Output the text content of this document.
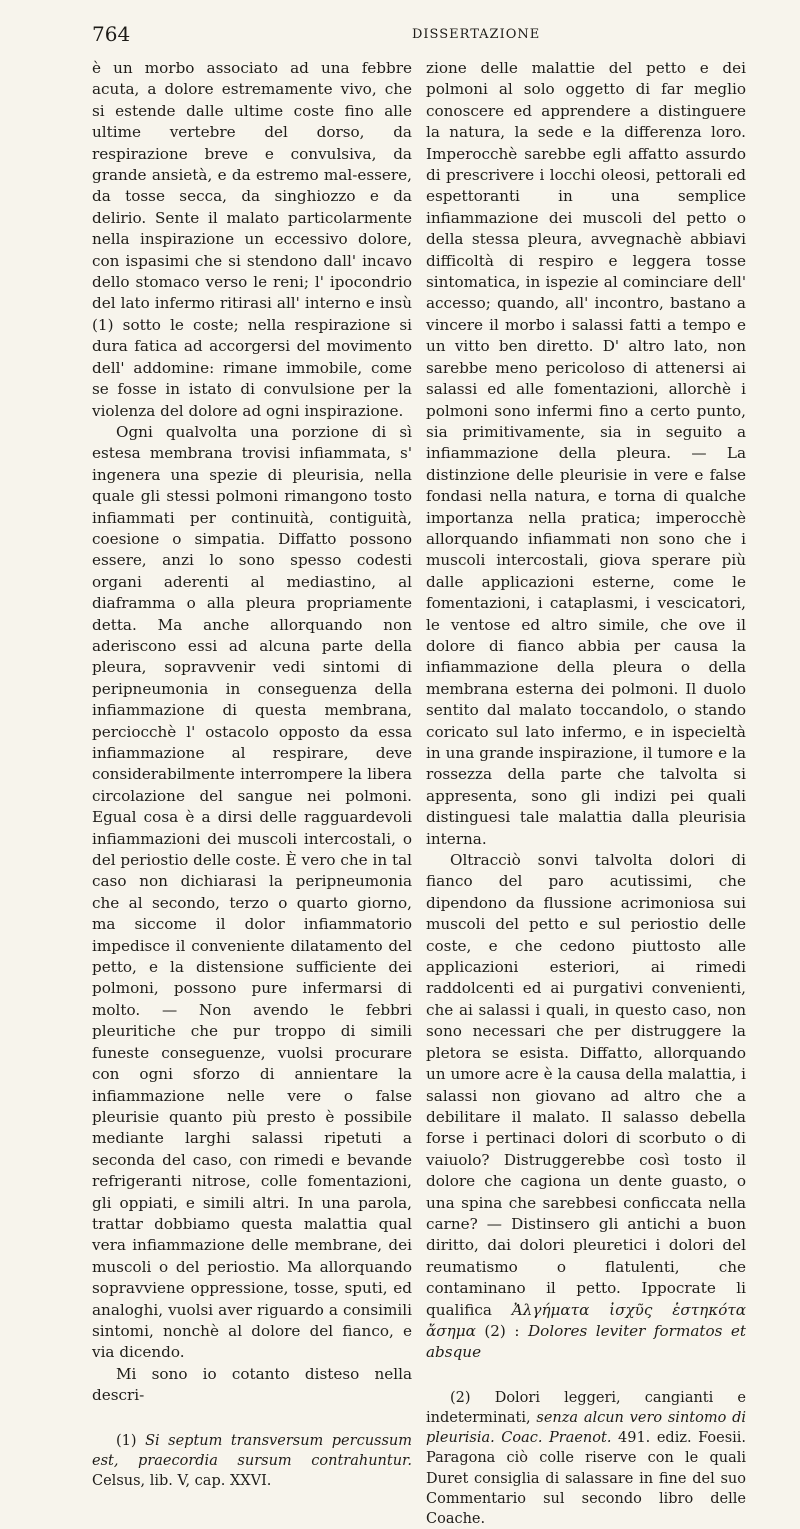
764	DISSERTAZIONE

è un morbo associato ad una febbre acuta, a dolore estremamente vivo, che si estende dalle ultime coste fino alle ultime vertebre del dorso, da respirazione breve e convulsiva, da grande ansietà, e da estremo mal-essere, da tosse secca, da singhiozzo e da delirio. Sente il malato particolarmente nella inspirazione un eccessivo dolore, con ispasimi che si stendono dall' incavo dello stomaco verso le reni; l' ipocondrio del lato infermo ritirasi all' interno e insù (1) sotto le coste; nella respirazione si dura fatica ad accorgersi del movimento dell' addomine: rimane immobile, come se fosse in istato di convulsione per la violenza del dolore ad ogni inspirazione.

Ogni qualvolta una porzione di sì estesa membrana trovisi infiammata, s' ingenera una spezie di pleurisia, nella quale gli stessi polmoni rimangono tosto infiammati per continuità, contiguità, coesione o simpatia. Diffatto possono essere, anzi lo sono spesso codesti organi aderenti al mediastino, al diaframma o alla pleura propriamente detta. Ma anche allorquando non aderiscono essi ad alcuna parte della pleura, sopravvenir vedi sintomi di peripneumonia in conseguenza della infiammazione di questa membrana, perciocchè l' ostacolo opposto da essa infiammazione al respirare, deve considerabilmente interrompere la libera circolazione del sangue nei polmoni. Egual cosa è a dirsi delle ragguardevoli infiammazioni dei muscoli intercostali, o del periostio delle coste. È vero che in tal caso non dichiarasi la peripneumonia che al secondo, terzo o quarto giorno, ma siccome il dolor infiammatorio impedisce il conveniente dilatamento del petto, e la distensione sufficiente dei polmoni, possono pure infermarsi di molto. — Non avendo le febbri pleuritiche che pur troppo di simili funeste conseguenze, vuolsi procurare con ogni sforzo di annientare la infiammazione nelle vere o false pleurisie quanto più presto è possibile mediante larghi salassi ripetuti a seconda del caso, con rimedi e bevande refrigeranti nitrose, colle fomentazioni, gli oppiati, e simili altri. In una parola, trattar dobbiamo questa malattia qual vera infiammazione delle membrane, dei muscoli o del periostio. Ma allorquando sopravviene oppressione, tosse, sputi, ed analoghi, vuolsi aver riguardo a consimili sintomi, nonchè al dolore del fianco, e via dicendo.

Mi sono io cotanto disteso nella descri-

(1) Si septum transversum percussum est, praecordia sursum contrahuntur. Celsus, lib. V, cap. XXVI.

zione delle malattie del petto e dei polmoni al solo oggetto di far meglio conoscere ed apprendere a distinguere la natura, la sede e la differenza loro. Imperocchè sarebbe egli affatto assurdo di prescrivere i locchi oleosi, pettorali ed espettoranti in una semplice infiammazione dei muscoli del petto o della stessa pleura, avvegnachè abbiavi difficoltà di respiro e leggera tosse sintomatica, in ispezie al cominciare dell' accesso; quando, all' incontro, bastano a vincere il morbo i salassi fatti a tempo e un vitto ben diretto. D' altro lato, non sarebbe meno pericoloso di attenersi ai salassi ed alle fomentazioni, allorchè i polmoni sono infermi fino a certo punto, sia primitivamente, sia in seguito a infiammazione della pleura. — La distinzione delle pleurisie in vere e false fondasi nella natura, e torna di qualche importanza nella pratica; imperocchè allorquando infiammati non sono che i muscoli intercostali, giova sperare più dalle applicazioni esterne, come le fomentazioni, i cataplasmi, i vescicatori, le ventose ed altro simile, che ove il dolore di fianco abbia per causa la infiammazione della pleura o della membrana esterna dei polmoni. Il duolo sentito dal malato toccandolo, o stando coricato sul lato infermo, e in ispecieltà in una grande inspirazione, il tumore e la rossezza della parte che talvolta si appresenta, sono gli indizi pei quali distinguesi tale malattia dalla pleurisia interna.

Oltracciò sonvi talvolta dolori di fianco del paro acutissimi, che dipendono da flussione acrimoniosa sui muscoli del petto e sul periostio delle coste, e che cedono piuttosto alle applicazioni esteriori, ai rimedi raddolcenti ed ai purgativi convenienti, che ai salassi i quali, in questo caso, non sono necessari che per distruggere la pletora se esista. Diffatto, allorquando un umore acre è la causa della malattia, i salassi non giovano ad altro che a debilitare il malato. Il salasso debella forse i pertinaci dolori di scorbuto o di vaiuolo? Distruggerebbe così tosto il dolore che cagiona un dente guasto, o una spina che sarebbesi conficcata nella carne? — Distinsero gli antichi a buon diritto, dai dolori pleuretici i dolori del reumatismo o flatulenti, che contaminano il petto. Ippocrate li qualifica Ἀλγήματα ἰσχῦς ἑστηκότα ἄσημα (2) : Dolores leviter formatos et absque

(2) Dolori leggeri, cangianti e indeterminati, senza alcun vero sintomo di pleurisia. Coac. Praenot. 491. ediz. Foesii. Paragona ciò colle riserve con le quali Duret consiglia di salassare in fine del suo Commentario sul secondo libro delle Coache.
